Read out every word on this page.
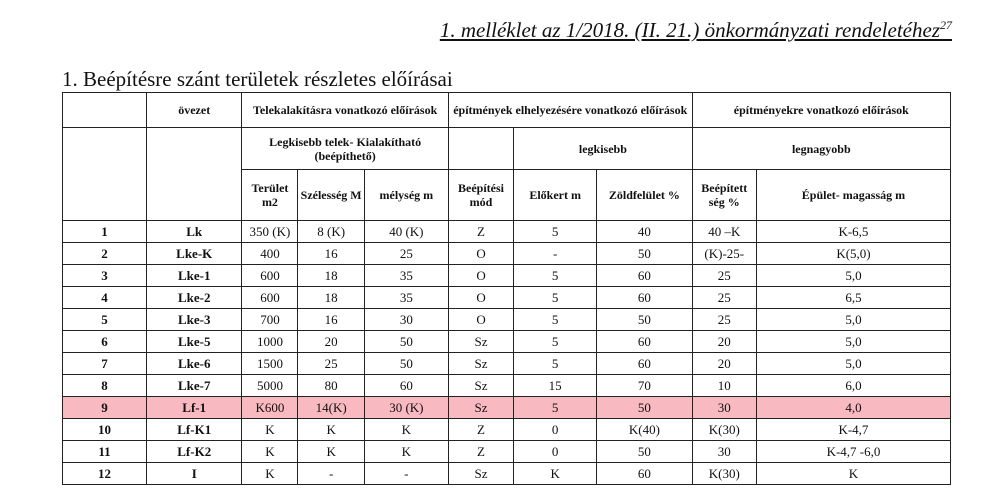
1. melléklet az 1/2018. (II. 21.) önkormányzati rendeletéhez$^{27}$
1. Beépítésre szánt területek részletes előírásai
	övezet	Telekalakításra vonatkozó előírások			építmények elhelyezésére vonatkozó előírások			építményekre vonatkozó előírások	
		Legkisebb telek- Kialakítható (beépíthető)				legkisebb		legnagyobb	
		Terület m2	Szélesség M	mélység m	Beépítési mód	Előkert m	Zöldfelület %	Beépített ség %	Épület- magasság m
1	Lk	350 (K)	8 (K)	40 (K)	Z	5	40	40 –K	K-6,5
2	Lke-K	400	16	25	O	-	50	(K)-25-	K(5,0)
3	Lke-1	600	18	35	O	5	60	25	5,0
4	Lke-2	600	18	35	O	5	60	25	6,5
5	Lke-3	700	16	30	O	5	50	25	5,0
6	Lke-5	1000	20	50	Sz	5	60	20	5,0
7	Lke-6	1500	25	50	Sz	5	60	20	5,0
8	Lke-7	5000	80	60	Sz	15	70	10	6,0
9	Lf-1	K600	14(K)	30 (K)	Sz	5	50	30	4,0
10	Lf-K1	K	K	K	Z	0	K(40)	K(30)	K-4,7
11	Lf-K2	K	K	K	Z	0	50	30	K-4,7 -6,0
12	I	K	-	-	Sz	K	60	K(30)	K
